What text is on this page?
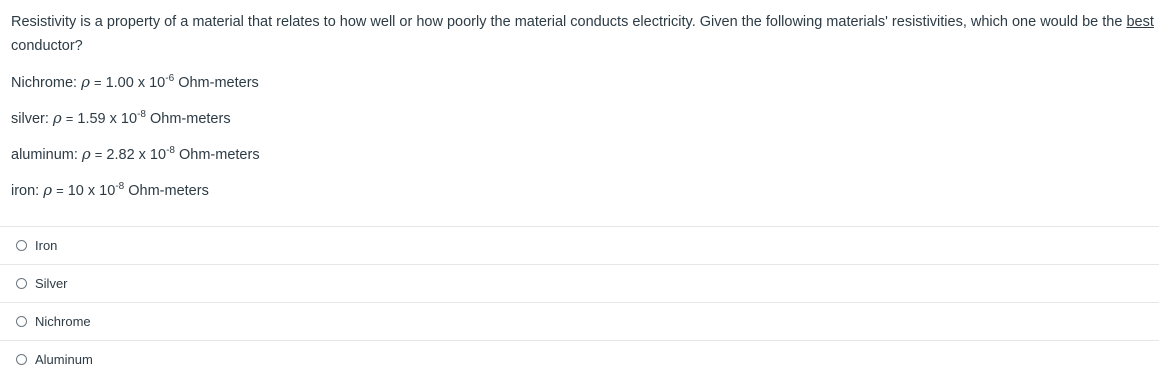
Resistivity is a property of a material that relates to how well or how poorly the material conducts electricity. Given the following materials' resistivities, which one would be the best conductor?
Nichrome: ρ = 1.00 x $10^{-6}$ Ohm-meters
silver: ρ = 1.59 x $10^{-8}$ Ohm-meters
aluminum: ρ = 2.82 x $10^{-8}$ Ohm-meters
iron: ρ = 10 x $10^{-8}$ Ohm-meters
Iron
Silver
Nichrome
Aluminum
